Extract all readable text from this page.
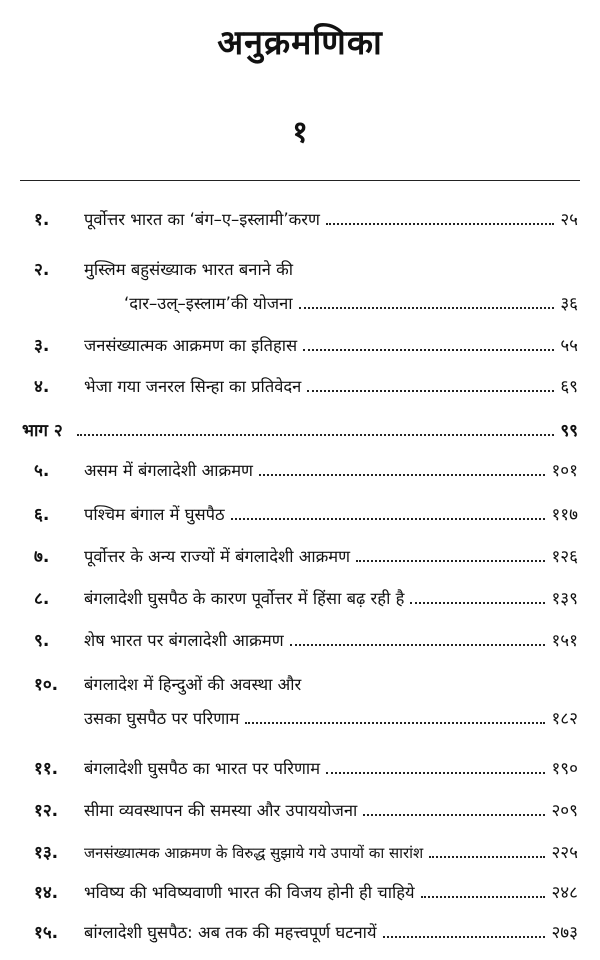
अनुक्रमणिका
१
१. पूर्वोत्तर भारत का ‘बंग–ए–इस्लामी’करण	२५
२. मुस्लिम बहुसंख्याक भारत बनाने की
‘दार–उल्–इस्लाम’की योजना	३६
३. जनसंख्यात्मक आक्रमण का इतिहास	५५
४. भेजा गया जनरल सिन्हा का प्रतिवेदन	६९
भाग २	९९
५. असम में बंगलादेशी आक्रमण	१०१
६. पश्चिम बंगाल में घुसपैठ	११७
७. पूर्वोत्तर के अन्य राज्यों में बंगलादेशी आक्रमण	१२६
८. बंगलादेशी घुसपैठ के कारण पूर्वोत्तर में हिंसा बढ़ रही है	१३९
९. शेष भारत पर बंगलादेशी आक्रमण	१५१
१०. बंगलादेश में हिन्दुओं की अवस्था और
उसका घुसपैठ पर परिणाम	१८२
११. बंगलादेशी घुसपैठ का भारत पर परिणाम	१९०
१२. सीमा व्यवस्थापन की समस्या और उपाययोजना	२०९
१३. जनसंख्यात्मक आक्रमण के विरुद्ध सुझाये गये उपायों का सारांश	२२५
१४. भविष्य की भविष्यवाणी भारत की विजय होनी ही चाहिये	२४८
१५. बांग्लादेशी घुसपैठ: अब तक की महत्त्वपूर्ण घटनायें	२७३
